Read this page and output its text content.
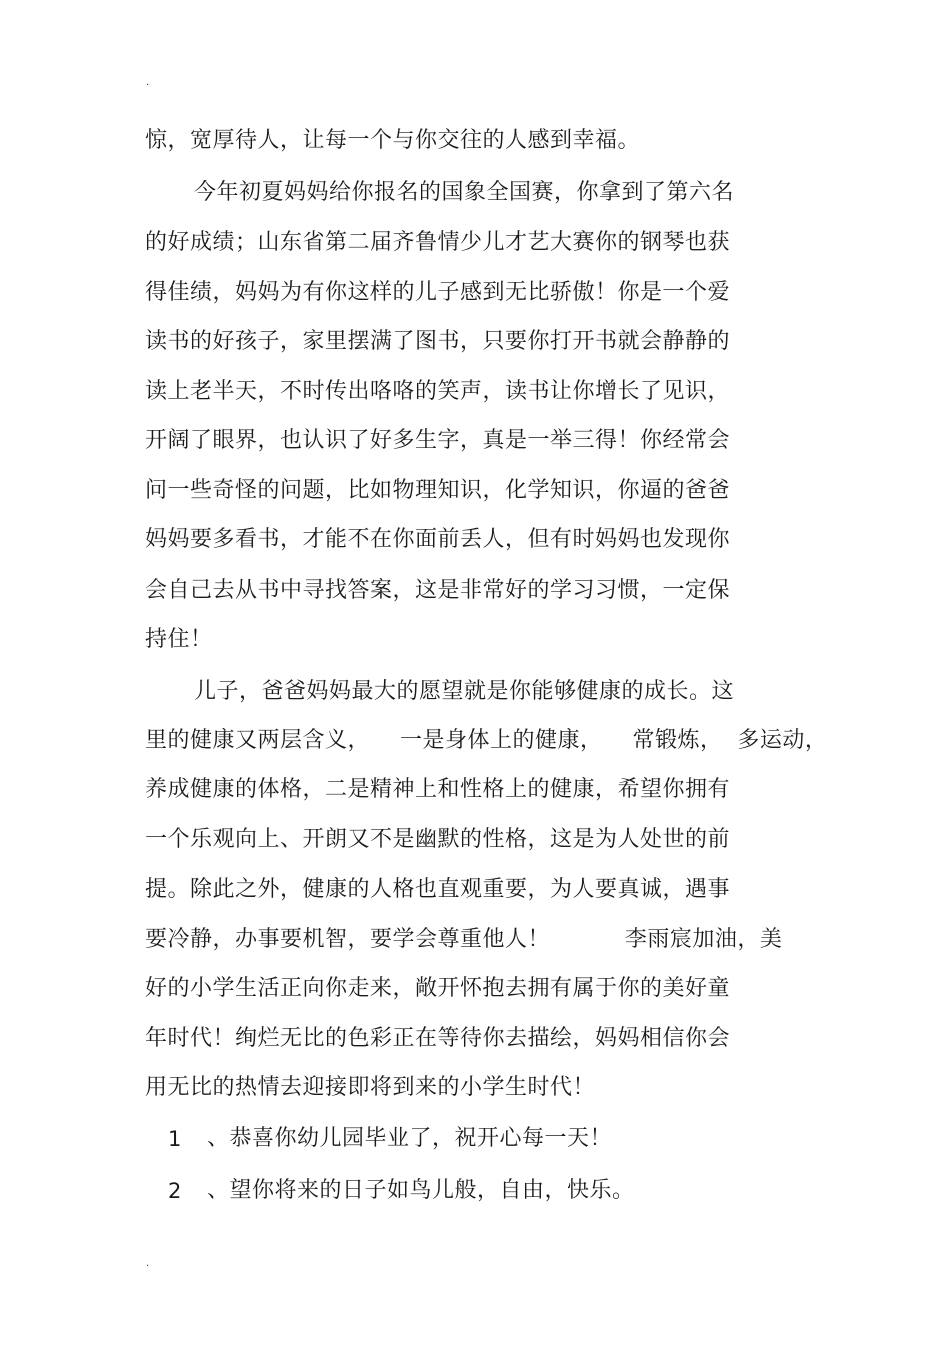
.
惊，宽厚待人，让每一个与你交往的人感到幸福。
今年初夏妈妈给你报名的国象全国赛，你拿到了第六名
的好成绩；山东省第二届齐鲁情少儿才艺大赛你的钢琴也获
得佳绩，妈妈为有你这样的儿子感到无比骄傲！你是一个爱
读书的好孩子，家里摆满了图书，只要你打开书就会静静的
读上老半天，不时传出咯咯的笑声，读书让你增长了见识，
开阔了眼界，也认识了好多生字，真是一举三得！你经常会
问一些奇怪的问题，比如物理知识，化学知识，你逼的爸爸
妈妈要多看书，才能不在你面前丢人，但有时妈妈也发现你
会自己去从书中寻找答案，这是非常好的学习习惯，一定保
持住！
儿子，爸爸妈妈最大的愿望就是你能够健康的成长。这
里的健康又两层含义，    一是身体上的健康，    常锻炼，  多运动，
养成健康的体格，二是精神上和性格上的健康，希望你拥有
一个乐观向上、开朗又不是幽默的性格，这是为人处世的前
提。除此之外，健康的人格也直观重要，为人要真诚，遇事
要冷静，办事要机智，要学会尊重他人！          李雨宸加油，美
好的小学生活正向你走来，敞开怀抱去拥有属于你的美好童
年时代！绚烂无比的色彩正在等待你去描绘，妈妈相信你会
用无比的热情去迎接即将到来的小学生时代！
1 、恭喜你幼儿园毕业了，祝开心每一天！
2 、望你将来的日子如鸟儿般，自由，快乐。
.
